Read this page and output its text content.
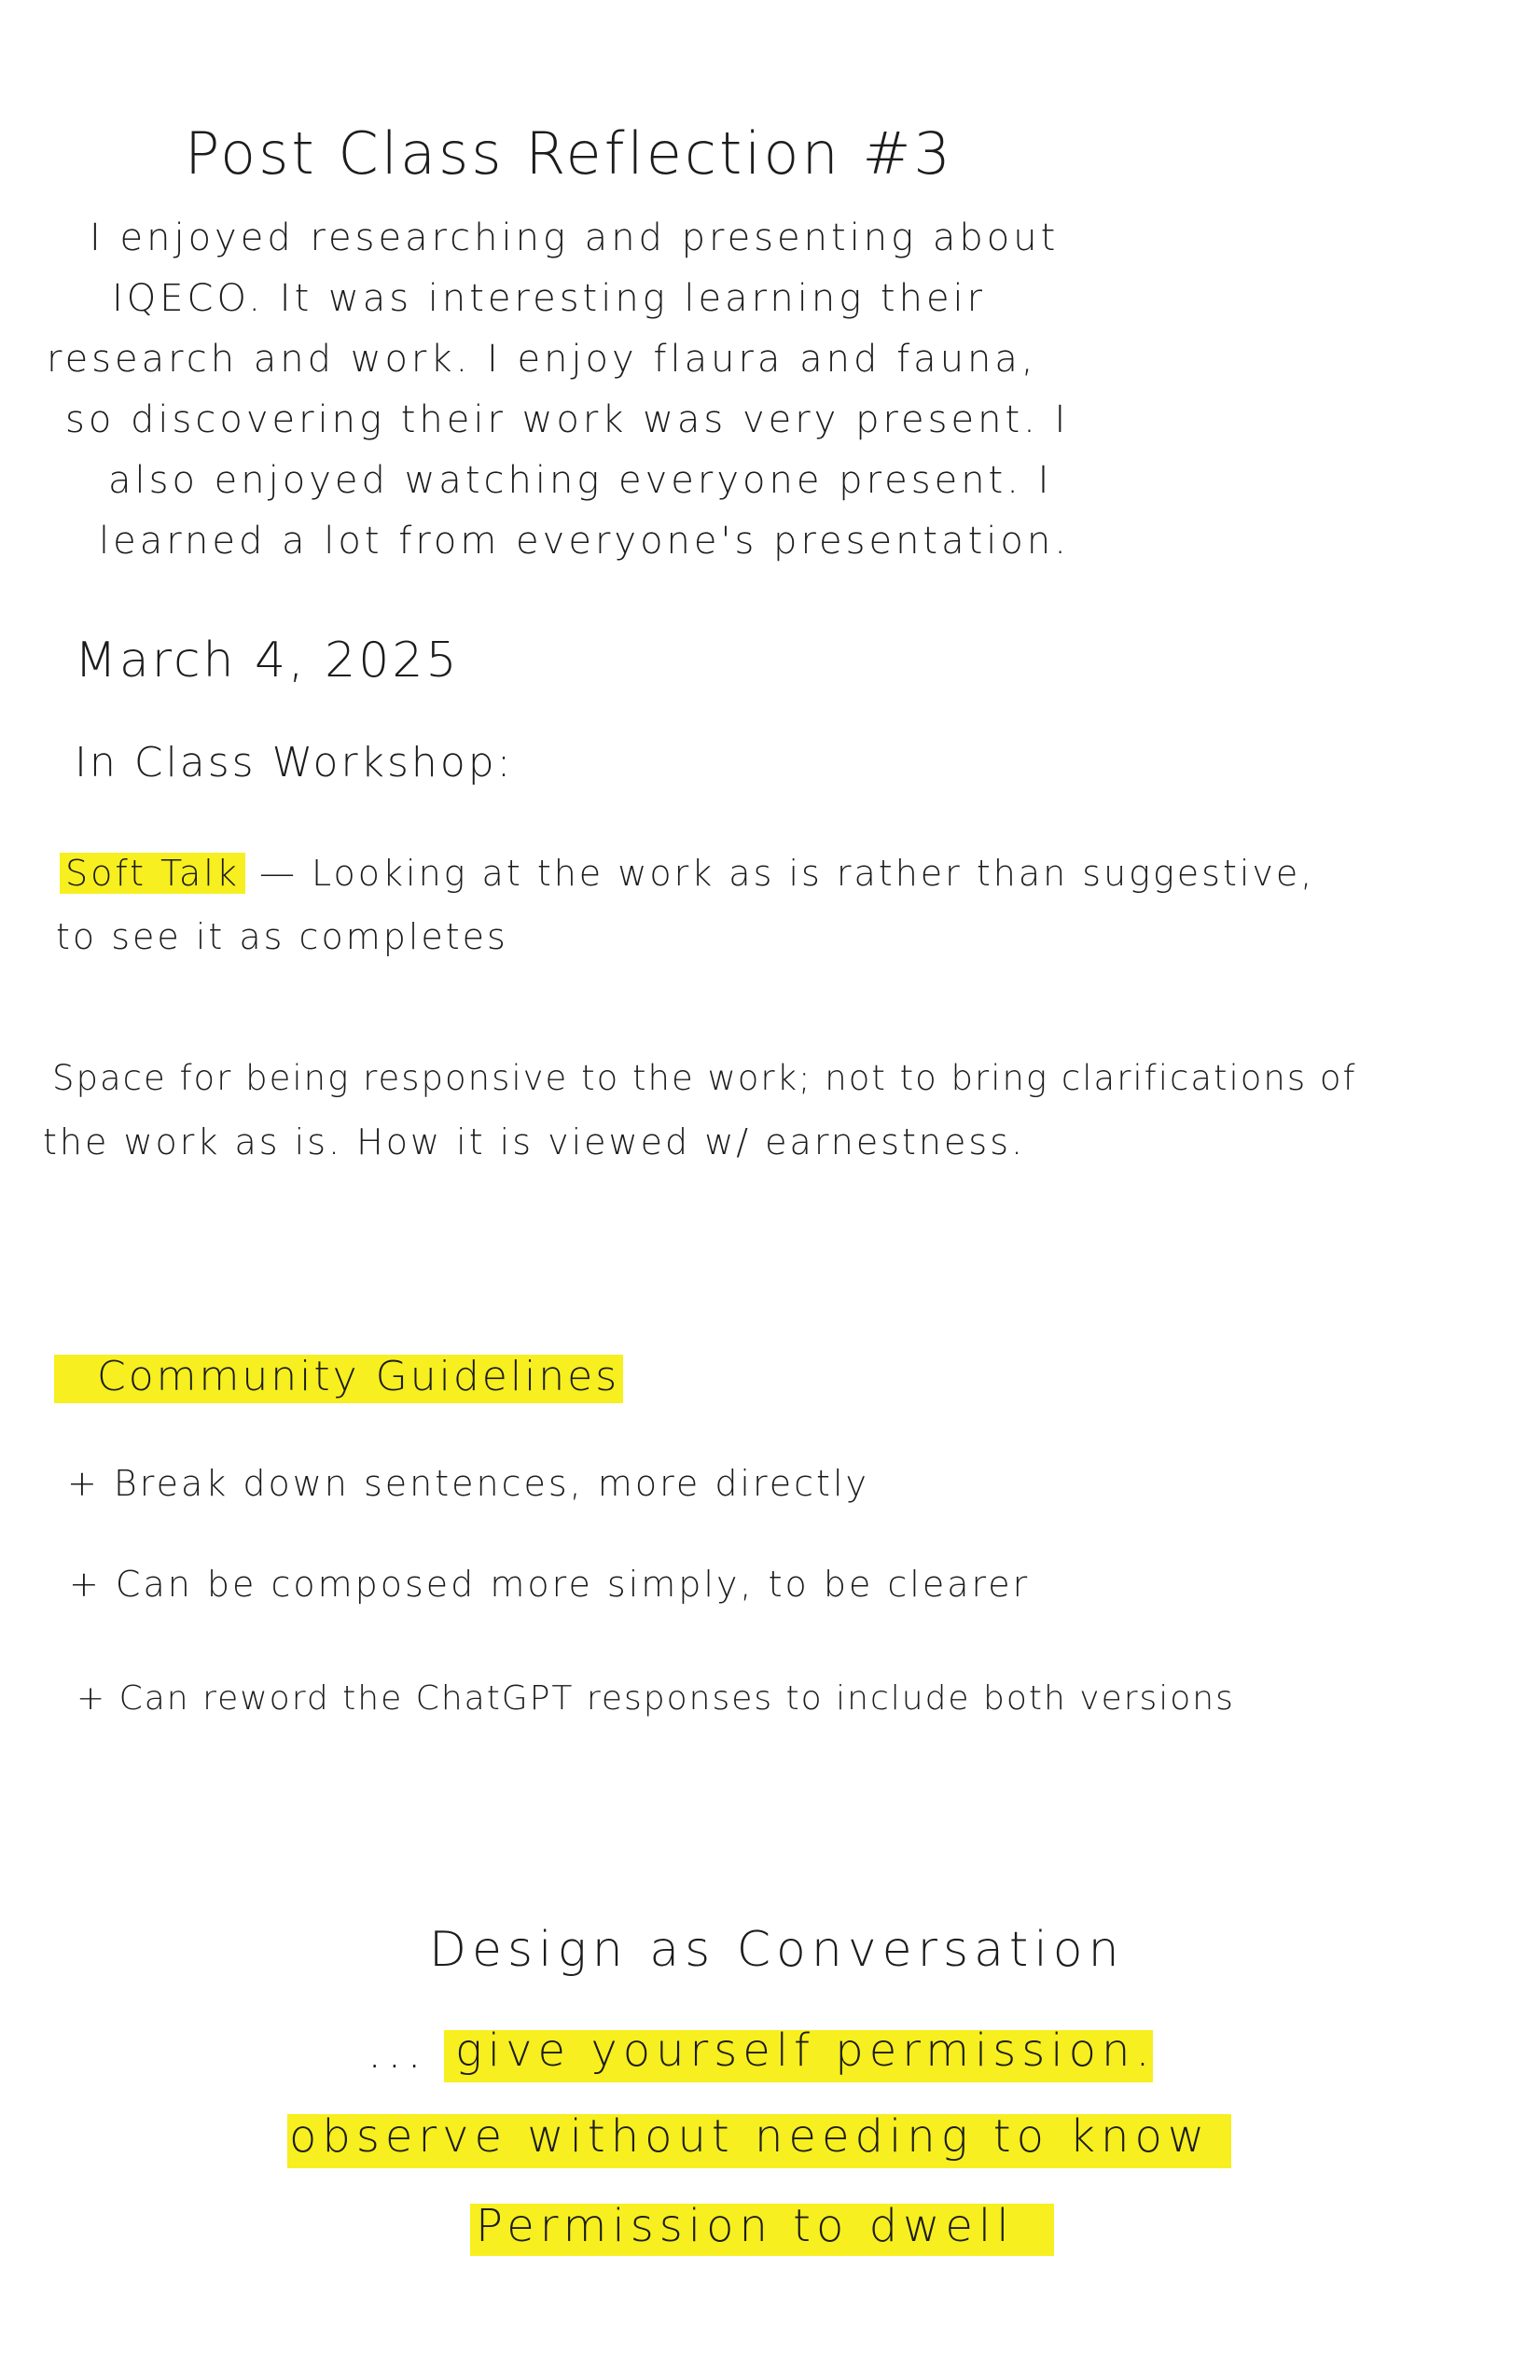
Post Class Reflection #3
I enjoyed researching and presenting about
IQECO. It was interesting learning their
research and work. I enjoy flaura and fauna,
so discovering their work was very present. I
also enjoyed watching everyone present. I
learned a lot from everyone's presentation.
March 4, 2025
In Class Workshop:
Soft Talk — Looking at the work as is rather than suggestive,
to see it as completes
Space for being responsive to the work; not to bring clarifications of
the work as is. How it is viewed w/ earnestness.
Community Guidelines
+ Break down sentences, more directly
+ Can be composed more simply, to be clearer
+ Can reword the ChatGPT responses to include both versions
Design as Conversation
... give yourself permission.
observe without needing to know
Permission to dwell
